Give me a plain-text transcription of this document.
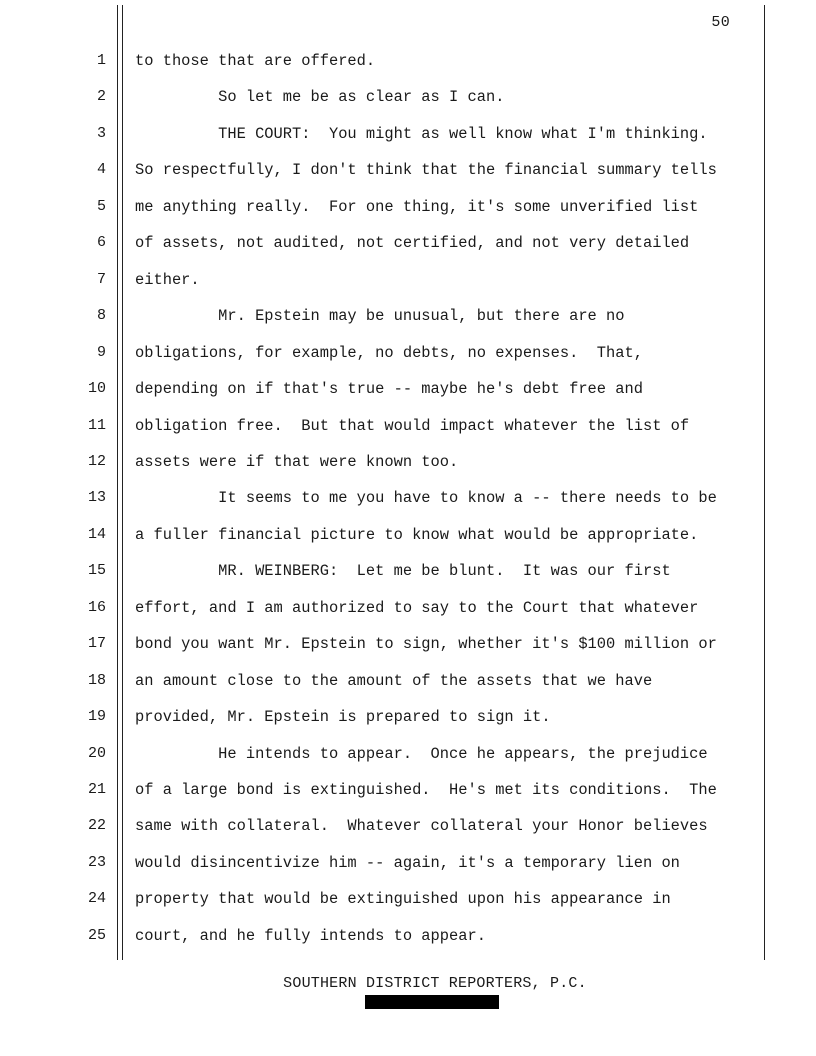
50
1 to those that are offered.
2 So let me be as clear as I can.
3 THE COURT:  You might as well know what I'm thinking.
4 So respectfully, I don't think that the financial summary tells
5 me anything really.  For one thing, it's some unverified list
6 of assets, not audited, not certified, and not very detailed
7 either.
8 Mr. Epstein may be unusual, but there are no
9 obligations, for example, no debts, no expenses.  That,
10 depending on if that's true -- maybe he's debt free and
11 obligation free.  But that would impact whatever the list of
12 assets were if that were known too.
13 It seems to me you have to know a -- there needs to be
14 a fuller financial picture to know what would be appropriate.
15 MR. WEINBERG:  Let me be blunt.  It was our first
16 effort, and I am authorized to say to the Court that whatever
17 bond you want Mr. Epstein to sign, whether it's $100 million or
18 an amount close to the amount of the assets that we have
19 provided, Mr. Epstein is prepared to sign it.
20 He intends to appear.  Once he appears, the prejudice
21 of a large bond is extinguished.  He's met its conditions.  The
22 same with collateral.  Whatever collateral your Honor believes
23 would disincentivize him -- again, it's a temporary lien on
24 property that would be extinguished upon his appearance in
25 court, and he fully intends to appear.
SOUTHERN DISTRICT REPORTERS, P.C.
